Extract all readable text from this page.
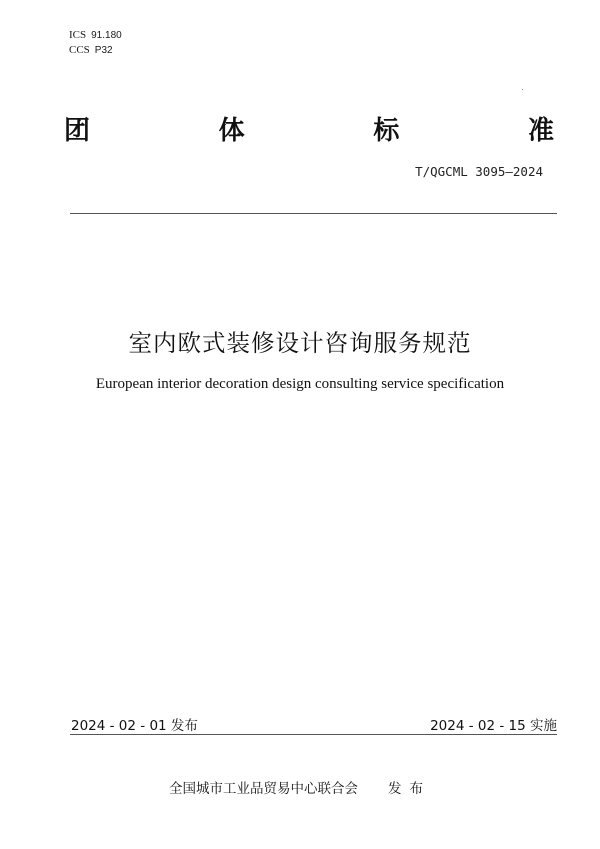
ICS 91.180
CCS P32
团	体	标	准
T/QGCML 3095—2024
室内欧式装修设计咨询服务规范
European interior decoration design consulting service specification
2024 - 02 - 01 发布	2024 - 02 - 15 实施
全国城市工业品贸易中心联合会 发布
